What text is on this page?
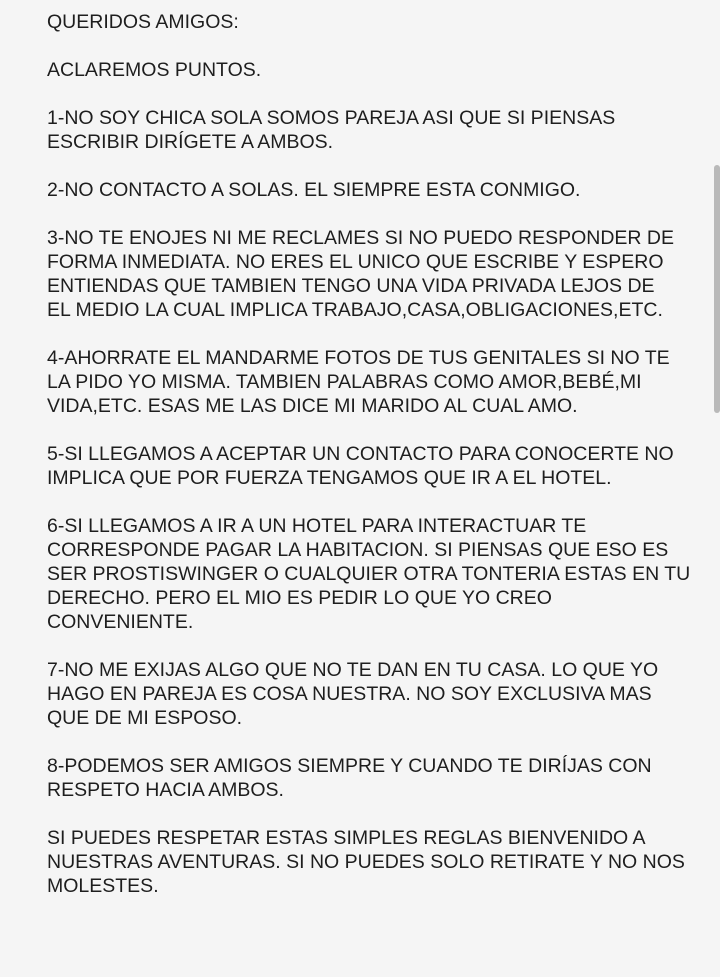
QUERIDOS AMIGOS:

ACLAREMOS PUNTOS.

1-NO SOY CHICA SOLA SOMOS PAREJA ASI QUE SI PIENSAS
ESCRIBIR DIRÍGETE A AMBOS.

2-NO CONTACTO A SOLAS. EL SIEMPRE ESTA CONMIGO.

3-NO TE ENOJES NI ME RECLAMES SI NO PUEDO RESPONDER DE
FORMA INMEDIATA. NO ERES EL UNICO QUE ESCRIBE Y ESPERO
ENTIENDAS QUE TAMBIEN TENGO UNA VIDA PRIVADA LEJOS DE
EL MEDIO LA CUAL IMPLICA TRABAJO,CASA,OBLIGACIONES,ETC.

4-AHORRATE EL MANDARME FOTOS DE TUS GENITALES SI NO TE
LA PIDO YO MISMA. TAMBIEN PALABRAS COMO AMOR,BEBÉ,MI
VIDA,ETC. ESAS ME LAS DICE MI MARIDO AL CUAL AMO.

5-SI LLEGAMOS A ACEPTAR UN CONTACTO PARA CONOCERTE NO
IMPLICA QUE POR FUERZA TENGAMOS QUE IR A EL HOTEL.

6-SI LLEGAMOS A IR A UN HOTEL PARA INTERACTUAR TE
CORRESPONDE PAGAR LA HABITACION. SI PIENSAS QUE ESO ES
SER PROSTISWINGER O CUALQUIER OTRA TONTERIA ESTAS EN TU
DERECHO. PERO EL MIO ES PEDIR LO QUE YO CREO
CONVENIENTE.

7-NO ME EXIJAS ALGO QUE NO TE DAN EN TU CASA. LO QUE YO
HAGO EN PAREJA ES COSA NUESTRA. NO SOY EXCLUSIVA MAS
QUE DE MI ESPOSO.

8-PODEMOS SER AMIGOS SIEMPRE Y CUANDO TE DIRÍJAS CON
RESPETO HACIA AMBOS.

SI PUEDES RESPETAR ESTAS SIMPLES REGLAS BIENVENIDO A
NUESTRAS AVENTURAS. SI NO PUEDES SOLO RETIRATE Y NO NOS
MOLESTES.
